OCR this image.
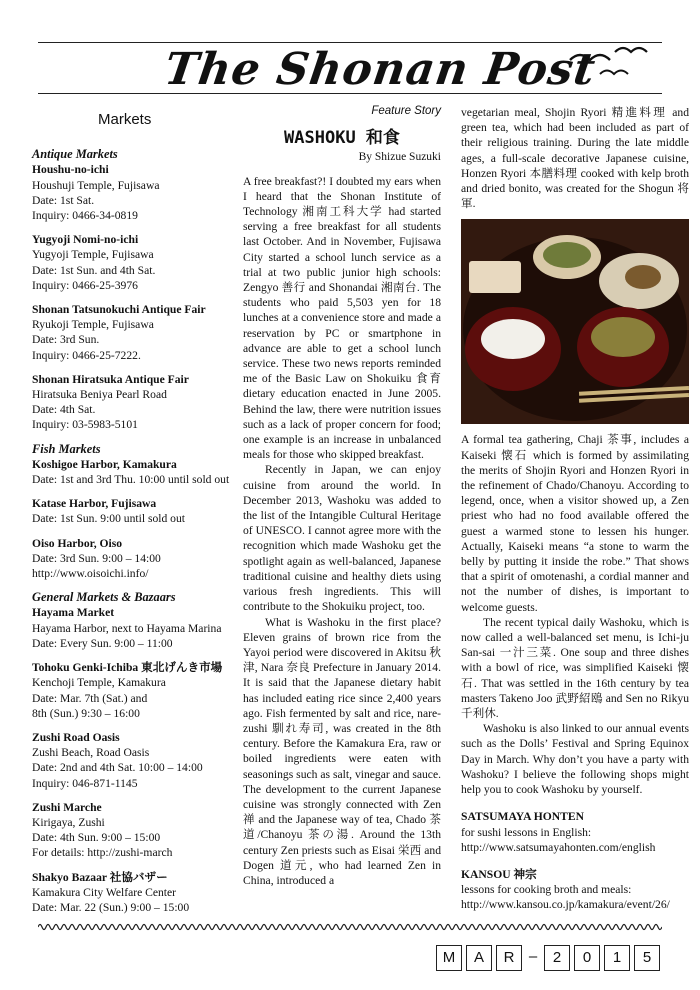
The Shonan Post
Markets
Antique Markets
Houshu-no-ichi
Houshuji Temple, Fujisawa
Date: 1st Sat.
Inquiry: 0466-34-0819
Yugyoji Nomi-no-ichi
Yugyoji Temple, Fujisawa
Date: 1st Sun. and 4th Sat.
Inquiry: 0466-25-3976
Shonan Tatsunokuchi Antique Fair
Ryukoji Temple, Fujisawa
Date: 3rd Sun.
Inquiry: 0466-25-7222.
Shonan Hiratsuka Antique Fair
Hiratsuka Beniya Pearl Road
Date: 4th Sat.
Inquiry: 03-5983-5101
Fish Markets
Koshigoe Harbor, Kamakura
Date: 1st and 3rd Thu. 10:00 until sold out
Katase Harbor, Fujisawa
Date: 1st Sun. 9:00 until sold out
Oiso Harbor, Oiso
Date: 3rd Sun. 9:00 – 14:00
http://www.oisoichi.info/
General Markets & Bazaars
Hayama Market
Hayama Harbor, next to Hayama Marina
Date: Every Sun. 9:00 – 11:00
Tohoku Genki-Ichiba 東北げんき市場
Kenchoji Temple, Kamakura
Date: Mar. 7th (Sat.) and
8th (Sun.) 9:30 – 16:00
Zushi Road Oasis
Zushi Beach, Road Oasis
Date: 2nd and 4th Sat. 10:00 – 14:00
Inquiry: 046-871-1145
Zushi Marche
Kirigaya, Zushi
Date: 4th Sun. 9:00 – 15:00
For details: http://zushi-march
Shakyo Bazaar 社協バザー
Kamakura City Welfare Center
Date: Mar. 22 (Sun.) 9:00 – 15:00
Feature Story
WASHOKU 和食
By Shizue Suzuki

A free breakfast?! I doubted my ears when I heard that the Shonan Institute of Technology 湘南工科大学 had started serving a free breakfast for all students last October. And in November, Fujisawa City started a school lunch service as a trial at two public junior high schools: Zengyo 善行 and Shonandai 湘南台. The students who paid 5,503 yen for 18 lunches at a convenience store and made a reservation by PC or smartphone in advance are able to get a school lunch service. These two news reports reminded me of the Basic Law on Shokuiku 食育 dietary education enacted in June 2005. Behind the law, there were nutrition issues such as a lack of proper concern for food; one example is an increase in unbalanced meals for those who skipped breakfast.

Recently in Japan, we can enjoy cuisine from around the world. In December 2013, Washoku was added to the list of the Intangible Cultural Heritage of UNESCO. I cannot agree more with the recognition which made Washoku get the spotlight again as well-balanced, Japanese traditional cuisine and healthy diets using various fresh ingredients. This will contribute to the Shokuiku project, too.

What is Washoku in the first place? Eleven grains of brown rice from the Yayoi period were discovered in Akitsu 秋津, Nara 奈良 Prefecture in January 2014. It is said that the Japanese dietary habit has included eating rice since 2,400 years ago. Fish fermented by salt and rice, nare-zushi 馴れ寿司, was created in the 8th century. Before the Kamakura Era, raw or boiled ingredients were eaten with seasonings such as salt, vinegar and sauce. The development to the current Japanese cuisine was strongly connected with Zen 禅 and the Japanese way of tea, Chado 茶道/Chanoyu 茶の湯. Around the 13th century Zen priests such as Eisai 栄西 and Dogen 道元, who had learned Zen in China, introduced a

vegetarian meal, Shojin Ryori 精進料理 and green tea, which had been included as part of their religious training. During the late middle ages, a full-scale decorative Japanese cuisine, Honzen Ryori 本膳料理 cooked with kelp broth and dried bonito, was created for the Shogun 将軍.

A formal tea gathering, Chaji 茶事, includes a Kaiseki 懐石 which is formed by assimilating the merits of Shojin Ryori and Honzen Ryori in the refinement of Chado/Chanoyu. According to legend, once, when a visitor showed up, a Zen priest who had no food available offered the guest a warmed stone to lessen his hunger. Actually, Kaiseki means “a stone to warm the belly by putting it inside the robe.” That shows that a spirit of omotenashi, a cordial manner and not the number of dishes, is important to welcome guests.

The recent typical daily Washoku, which is now called a well-balanced set menu, is Ichi-ju San-sai 一汁三菜. One soup and three dishes with a bowl of rice, was simplified Kaiseki 懐石. That was settled in the 16th century by tea masters Takeno Joo 武野紹鴎 and Sen no Rikyu 千利休.

Washoku is also linked to our annual events such as the Dolls’ Festival and Spring Equinox Day in March. Why don’t you have a party with Washoku? I believe the following shops might help you to cook Washoku by yourself.

SATSUMAYA HONTEN
for sushi lessons in English:
http://www.satsumayahonten.com/english
KANSOU 神宗
lessons for cooking broth and meals:
http://www.kansou.co.jp/kamakura/event/26/
M	A	R –	2	0	1	5
